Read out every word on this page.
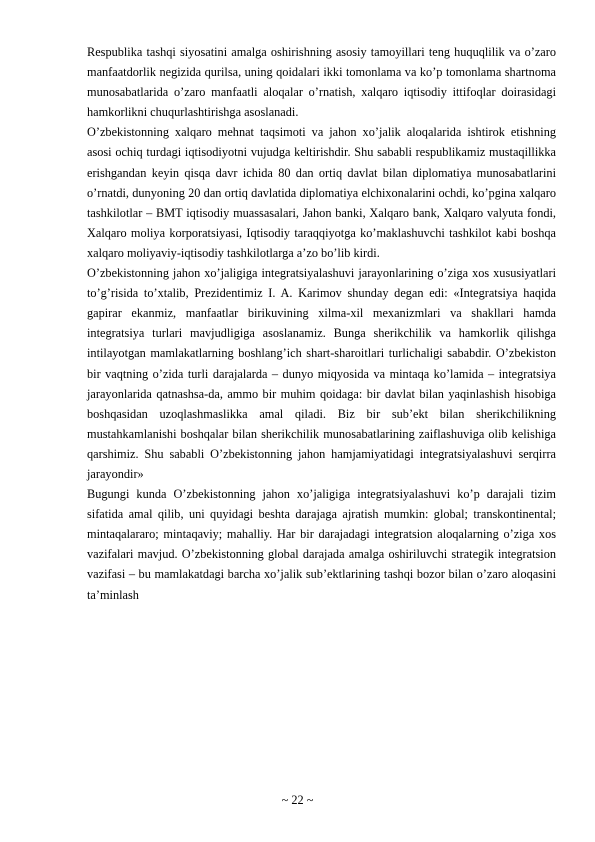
Respublika tashqi siyosatini amalga oshirishning asosiy tamoyillari teng huquqlilik va o’zaro manfaatdorlik negizida qurilsa, uning qoidalari ikki tomonlama va ko’p tomonlama shartnoma munosabatlarida o’zaro manfaatli aloqalar o’rnatish, xalqaro iqtisodiy ittifoqlar doirasidagi hamkorlikni chuqurlashtirishga asoslanadi.

O’zbekistonning xalqaro mehnat taqsimoti va jahon xo’jalik aloqalarida ishtirok etishning asosi ochiq turdagi iqtisodiyotni vujudga keltirishdir. Shu sababli respublikamiz mustaqillikka erishgandan keyin qisqa davr ichida 80 dan ortiq davlat bilan diplomatiya munosabatlarini o’rnatdi, dunyoning 20 dan ortiq davlatida diplomatiya elchixonalarini ochdi, ko’pgina xalqaro tashkilotlar – BMT iqtisodiy muassasalari, Jahon banki, Xalqaro bank, Xalqaro valyuta fondi, Xalqaro moliya korporatsiyasi, Iqtisodiy taraqqiyotga ko’maklashuvchi tashkilot kabi boshqa xalqaro moliyaviy-iqtisodiy tashkilotlarga a’zo bo’lib kirdi.

O’zbekistonning jahon xo’jaligiga integratsiyalashuvi jarayonlarining o’ziga xos xususiyatlari to’g’risida to’xtalib, Prezidentimiz I. A. Karimov shunday degan edi: «Integratsiya haqida gapirar ekanmiz, manfaatlar birikuvining xilma-xil mexanizmlari va shakllari hamda integratsiya turlari mavjudligiga asoslanamiz. Bunga sherikchilik va hamkorlik qilishga intilayotgan mamlakatlarning boshlang’ich shart-sharoitlari turlichaligi sababdir. O’zbekiston bir vaqtning o’zida turli darajalarda – dunyo miqyosida va mintaqa ko’lamida – integratsiya jarayonlarida qatnashsa-da, ammo bir muhim qoidaga: bir davlat bilan yaqinlashish hisobiga boshqasidan uzoqlashmaslikka amal qiladi. Biz bir sub’ekt bilan sherikchilikning mustahkamlanishi boshqalar bilan sherikchilik munosabatlarining zaiflashuviga olib kelishiga qarshimiz. Shu sababli O’zbekistonning jahon hamjamiyatidagi integratsiyalashuvi serqirra jarayondir»

Bugungi kunda O’zbekistonning jahon xo’jaligiga integratsiyalashuvi ko’p darajali tizim sifatida amal qilib, uni quyidagi beshta darajaga ajratish mumkin: global; transkontinental; mintaqalararo; mintaqaviy; mahalliy. Har bir darajadagi integratsion aloqalarning o’ziga xos vazifalari mavjud. O’zbekistonning global darajada amalga oshiriluvchi strategik integratsion vazifasi – bu mamlakatdagi barcha xo’jalik sub’ektlarining tashqi bozor bilan o’zaro aloqasini ta’minlash

~ 22 ~
